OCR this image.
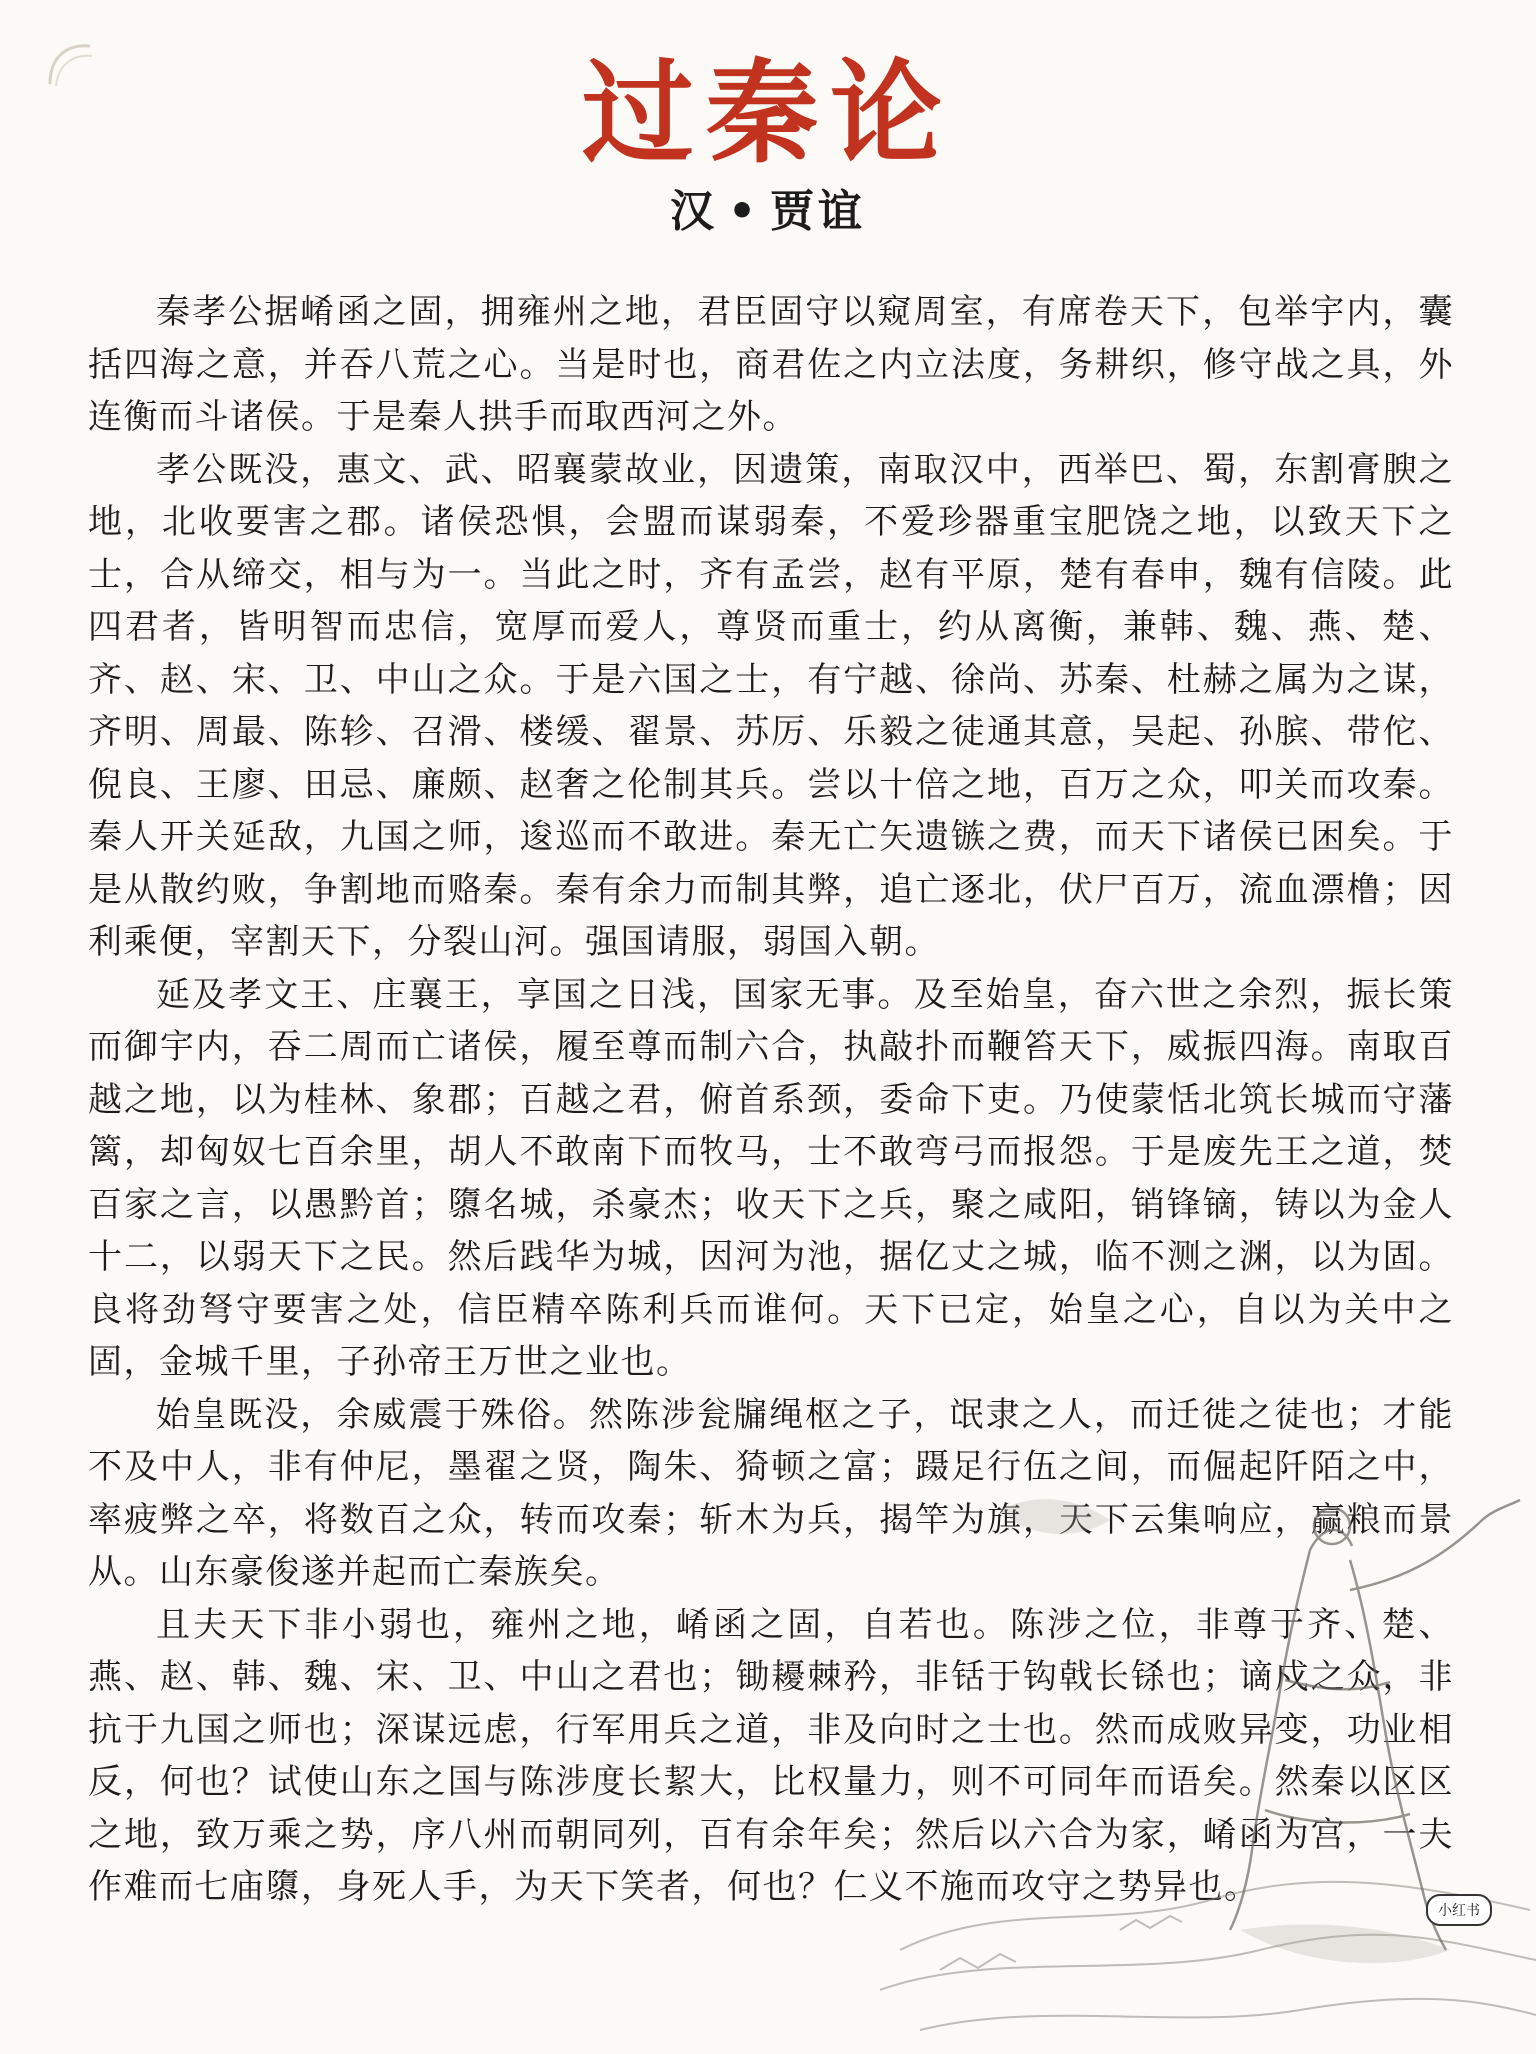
过秦论
汉 • 贾谊

秦孝公据崤函之固，拥雍州之地，君臣固守以窥周室，有席卷天下，包举宇内，囊括四海之意，并吞八荒之心。当是时也，商君佐之内立法度，务耕织，修守战之具，外连衡而斗诸侯。于是秦人拱手而取西河之外。

孝公既没，惠文、武、昭襄蒙故业，因遗策，南取汉中，西举巴、蜀，东割膏腴之地，北收要害之郡。诸侯恐惧，会盟而谋弱秦，不爱珍器重宝肥饶之地，以致天下之士，合从缔交，相与为一。当此之时，齐有孟尝，赵有平原，楚有春申，魏有信陵。此四君者，皆明智而忠信，宽厚而爱人，尊贤而重士，约从离衡，兼韩、魏、燕、楚、齐、赵、宋、卫、中山之众。于是六国之士，有宁越、徐尚、苏秦、杜赫之属为之谋，齐明、周最、陈轸、召滑、楼缓、翟景、苏厉、乐毅之徒通其意，吴起、孙膑、带佗、倪良、王廖、田忌、廉颇、赵奢之伦制其兵。尝以十倍之地，百万之众，叩关而攻秦。秦人开关延敌，九国之师，逡巡而不敢进。秦无亡矢遗镞之费，而天下诸侯已困矣。于是从散约败，争割地而赂秦。秦有余力而制其弊，追亡逐北，伏尸百万，流血漂橹；因利乘便，宰割天下，分裂山河。强国请服，弱国入朝。

延及孝文王、庄襄王，享国之日浅，国家无事。及至始皇，奋六世之余烈，振长策而御宇内，吞二周而亡诸侯，履至尊而制六合，执敲扑而鞭笞天下，威振四海。南取百越之地，以为桂林、象郡；百越之君，俯首系颈，委命下吏。乃使蒙恬北筑长城而守藩篱，却匈奴七百余里，胡人不敢南下而牧马，士不敢弯弓而报怨。于是废先王之道，焚百家之言，以愚黔首；隳名城，杀豪杰；收天下之兵，聚之咸阳，销锋镝，铸以为金人十二，以弱天下之民。然后践华为城，因河为池，据亿丈之城，临不测之渊，以为固。良将劲弩守要害之处，信臣精卒陈利兵而谁何。天下已定，始皇之心，自以为关中之固，金城千里，子孙帝王万世之业也。

始皇既没，余威震于殊俗。然陈涉瓮牖绳枢之子，氓隶之人，而迁徙之徒也；才能不及中人，非有仲尼，墨翟之贤，陶朱、猗顿之富；蹑足行伍之间，而倔起阡陌之中，率疲弊之卒，将数百之众，转而攻秦；斩木为兵，揭竿为旗，天下云集响应，赢粮而景从。山东豪俊遂并起而亡秦族矣。

且夫天下非小弱也，雍州之地，崤函之固，自若也。陈涉之位，非尊于齐、楚、燕、赵、韩、魏、宋、卫、中山之君也；锄耰棘矜，非铦于钩戟长铩也；谪戍之众，非抗于九国之师也；深谋远虑，行军用兵之道，非及向时之士也。然而成败异变，功业相反，何也？试使山东之国与陈涉度长絜大，比权量力，则不可同年而语矣。然秦以区区之地，致万乘之势，序八州而朝同列，百有余年矣；然后以六合为家，崤函为宫，一夫作难而七庙隳，身死人手，为天下笑者，何也？仁义不施而攻守之势异也。

小红书
